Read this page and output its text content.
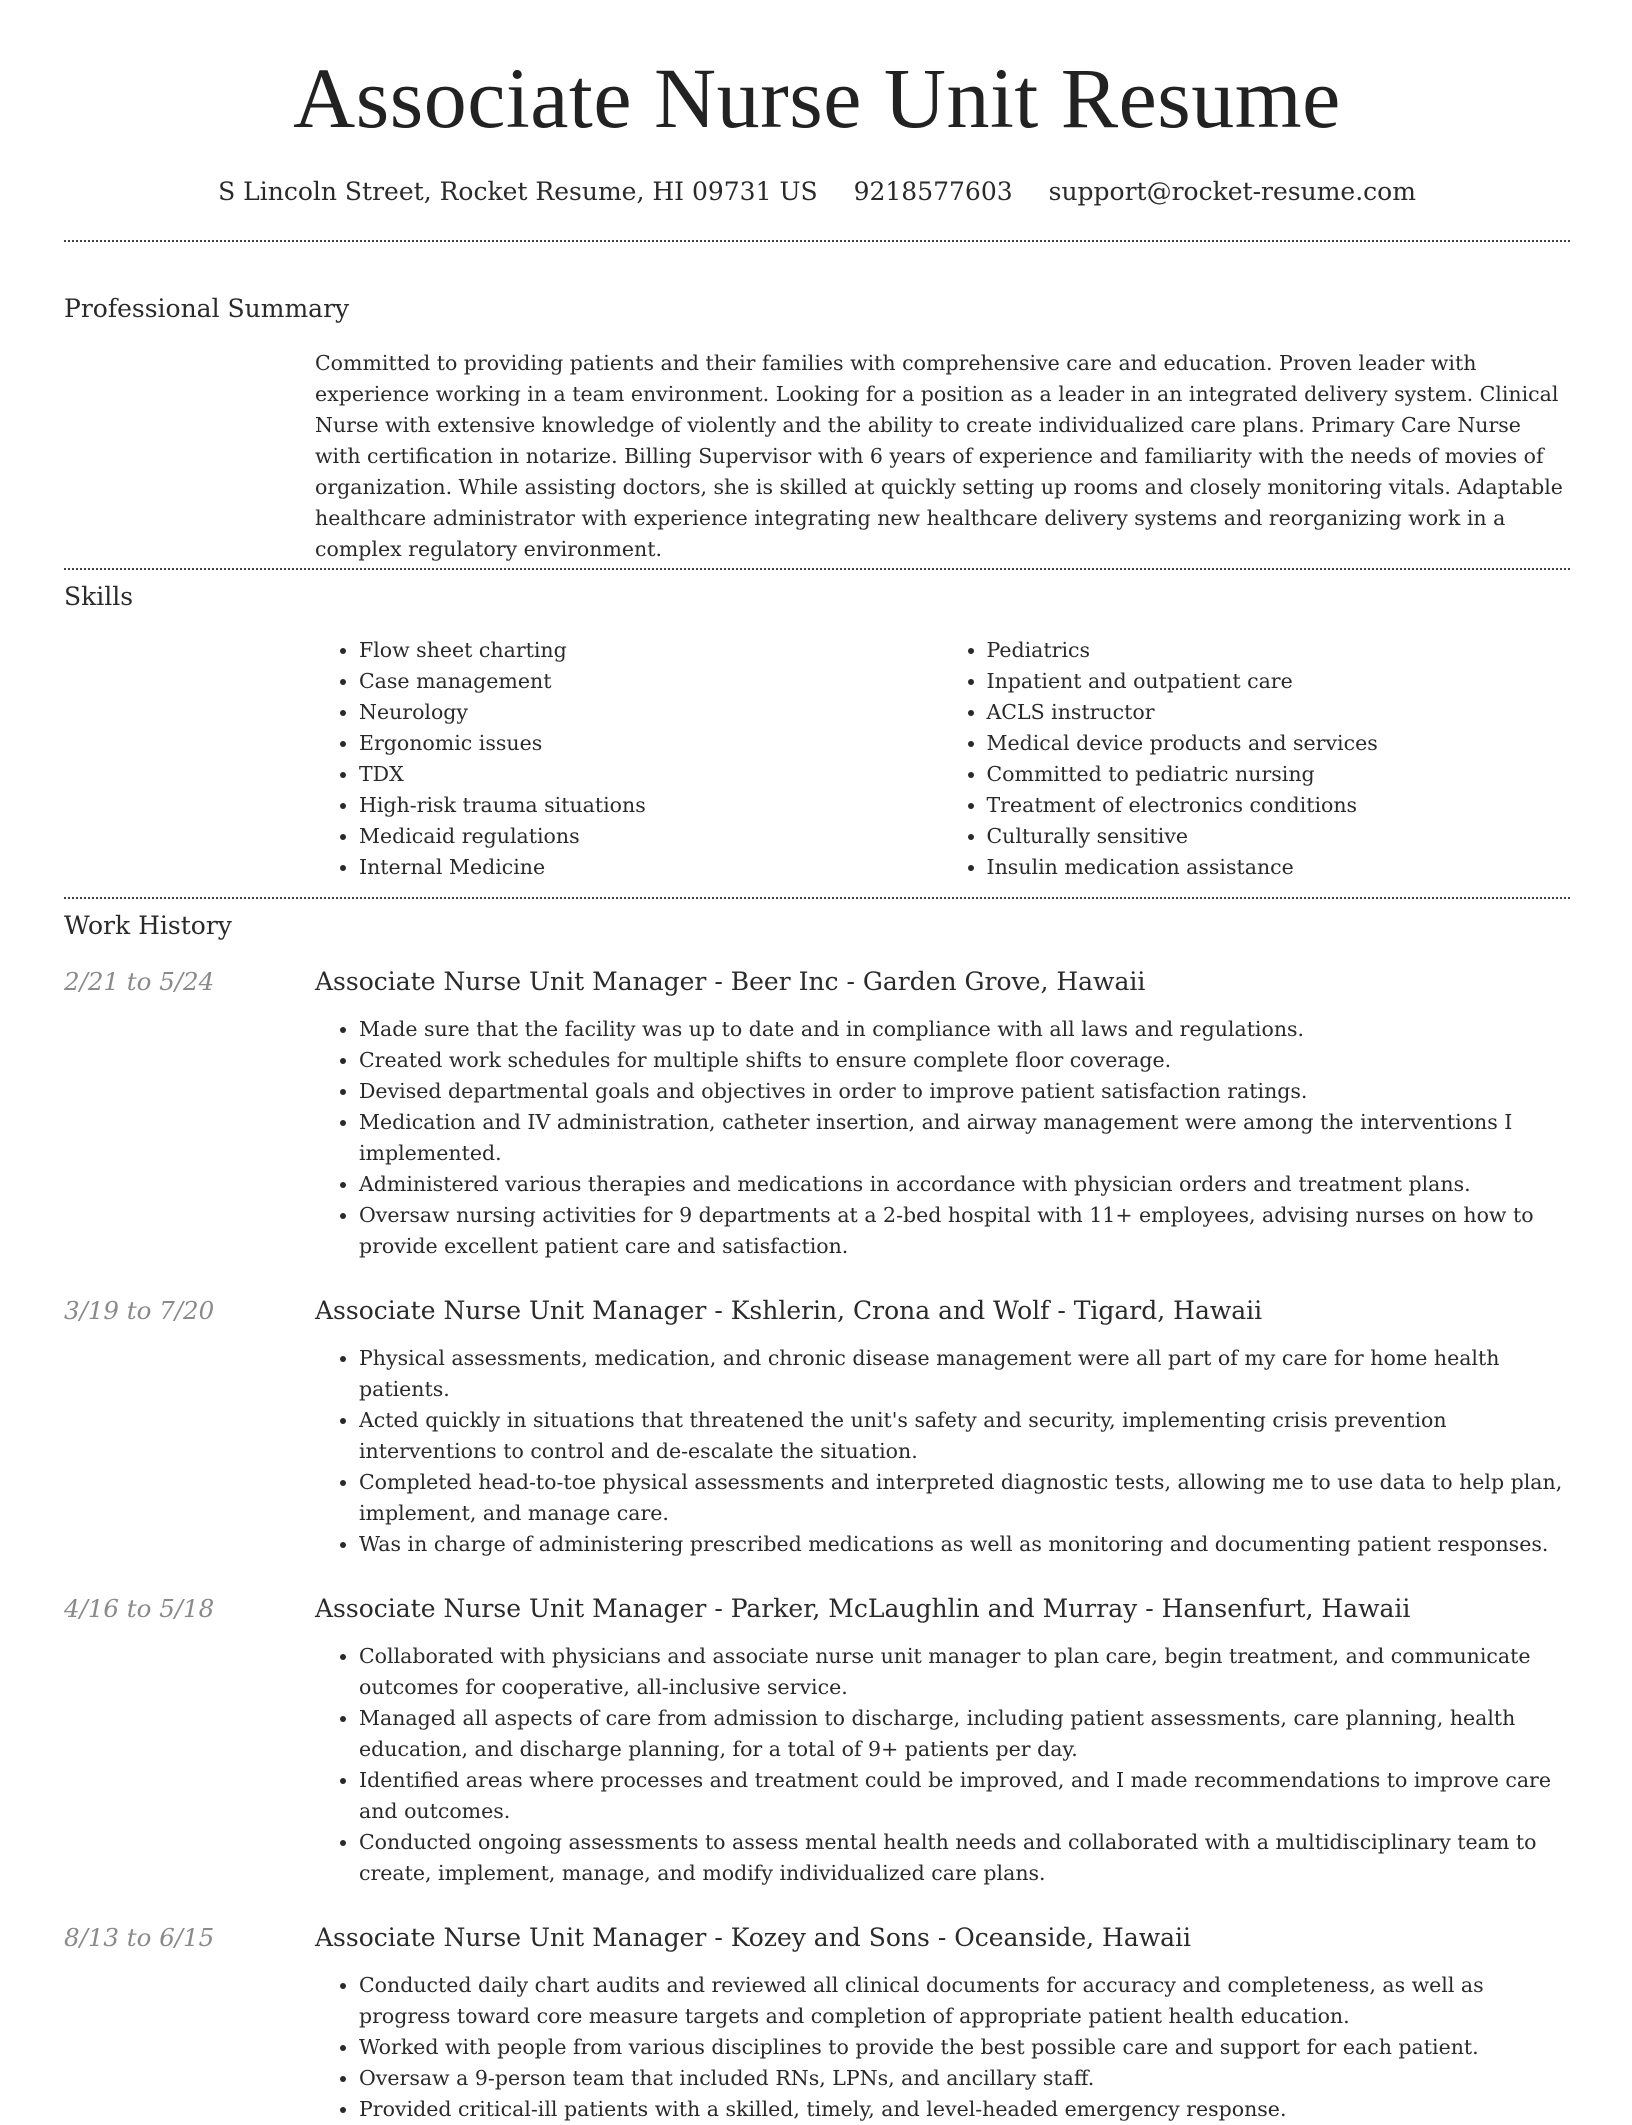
Associate Nurse Unit Resume
S Lincoln Street, Rocket Resume, HI 09731 US 9218577603 support@rocket-resume.com
Professional Summary

Committed to providing patients and their families with comprehensive care and education. Proven leader with experience working in a team environment. Looking for a position as a leader in an integrated delivery system. Clinical Nurse with extensive knowledge of violently and the ability to create individualized care plans. Primary Care Nurse with certification in notarize. Billing Supervisor with 6 years of experience and familiarity with the needs of movies of organization. While assisting doctors, she is skilled at quickly setting up rooms and closely monitoring vitals. Adaptable healthcare administrator with experience integrating new healthcare delivery systems and reorganizing work in a complex regulatory environment.

Skills
• Flow sheet charting
• Case management
• Neurology
• Ergonomic issues
• TDX
• High-risk trauma situations
• Medicaid regulations
• Internal Medicine
• Pediatrics
• Inpatient and outpatient care
• ACLS instructor
• Medical device products and services
• Committed to pediatric nursing
• Treatment of electronics conditions
• Culturally sensitive
• Insulin medication assistance
Work History
2/21 to 5/24	Associate Nurse Unit Manager - Beer Inc - Garden Grove, Hawaii
• Made sure that the facility was up to date and in compliance with all laws and regulations.
• Created work schedules for multiple shifts to ensure complete floor coverage.
• Devised departmental goals and objectives in order to improve patient satisfaction ratings.
• Medication and IV administration, catheter insertion, and airway management were among the interventions I implemented.
• Administered various therapies and medications in accordance with physician orders and treatment plans.
• Oversaw nursing activities for 9 departments at a 2-bed hospital with 11+ employees, advising nurses on how to provide excellent patient care and satisfaction.
3/19 to 7/20	Associate Nurse Unit Manager - Kshlerin, Crona and Wolf - Tigard, Hawaii
• Physical assessments, medication, and chronic disease management were all part of my care for home health patients.
• Acted quickly in situations that threatened the unit's safety and security, implementing crisis prevention interventions to control and de-escalate the situation.
• Completed head-to-toe physical assessments and interpreted diagnostic tests, allowing me to use data to help plan, implement, and manage care.
• Was in charge of administering prescribed medications as well as monitoring and documenting patient responses.
4/16 to 5/18	Associate Nurse Unit Manager - Parker, McLaughlin and Murray - Hansenfurt, Hawaii
• Collaborated with physicians and associate nurse unit manager to plan care, begin treatment, and communicate outcomes for cooperative, all-inclusive service.
• Managed all aspects of care from admission to discharge, including patient assessments, care planning, health education, and discharge planning, for a total of 9+ patients per day.
• Identified areas where processes and treatment could be improved, and I made recommendations to improve care and outcomes.
• Conducted ongoing assessments to assess mental health needs and collaborated with a multidisciplinary team to create, implement, manage, and modify individualized care plans.
8/13 to 6/15	Associate Nurse Unit Manager - Kozey and Sons - Oceanside, Hawaii
• Conducted daily chart audits and reviewed all clinical documents for accuracy and completeness, as well as progress toward core measure targets and completion of appropriate patient health education.
• Worked with people from various disciplines to provide the best possible care and support for each patient.
• Oversaw a 9-person team that included RNs, LPNs, and ancillary staff.
• Provided critical-ill patients with a skilled, timely, and level-headed emergency response.
